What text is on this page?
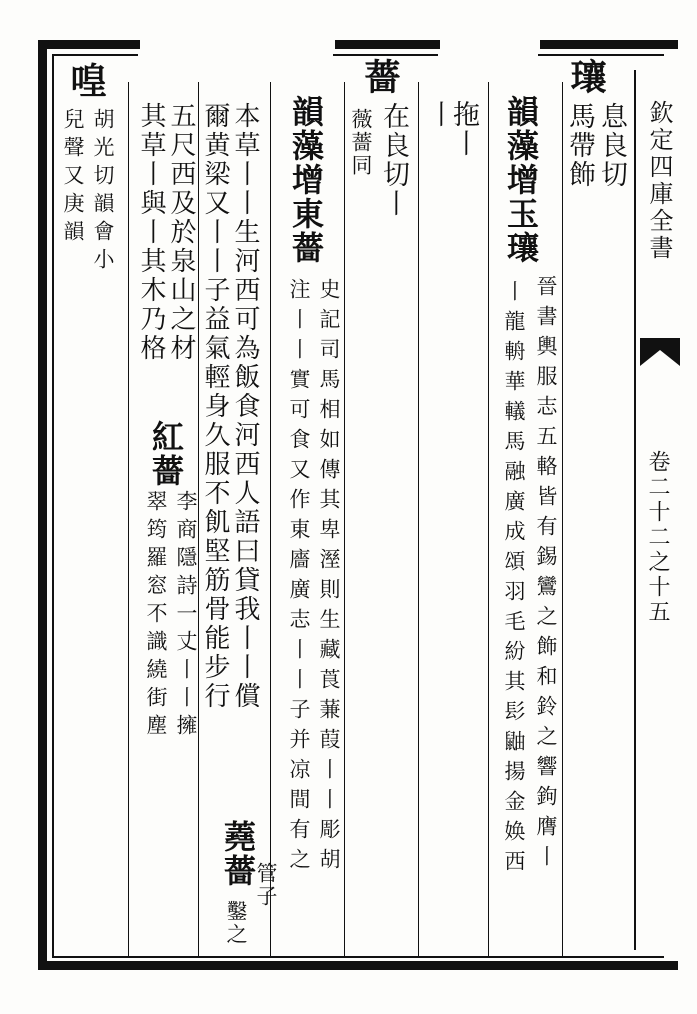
欽定四庫全書
卷二十二之十五
瓖
息良切
馬帶飾
韻藻增玉瓖
晉書輿服志五輅皆有錫鸞之飾和鈴之響鉤膺丨
丨龍輈華轙馬融廣成頌羽毛紛其髟鼬揚金㛟西
拖丨
丨
薔
在良切丨
薇薔同
韻藻增東薔
史記司馬相如傳其卑溼則生藏莨蒹葭丨丨彫胡
注丨丨實可食又作東廧廣志丨丨子并凉間有之
本草丨丨生河西可為飯食河西人語曰貸我丨丨償
爾黄梁又丨丨子益氣輕身久服不飢堅筋骨能步行
蕘薔
管子
鑿之
五尺西及於泉山之材
紅薔
李商隱詩一丈丨丨擁
其草丨與丨其木乃格
翠筠羅窓不識繞街塵
喤
胡光切韻會小
兒聲又庚韻
